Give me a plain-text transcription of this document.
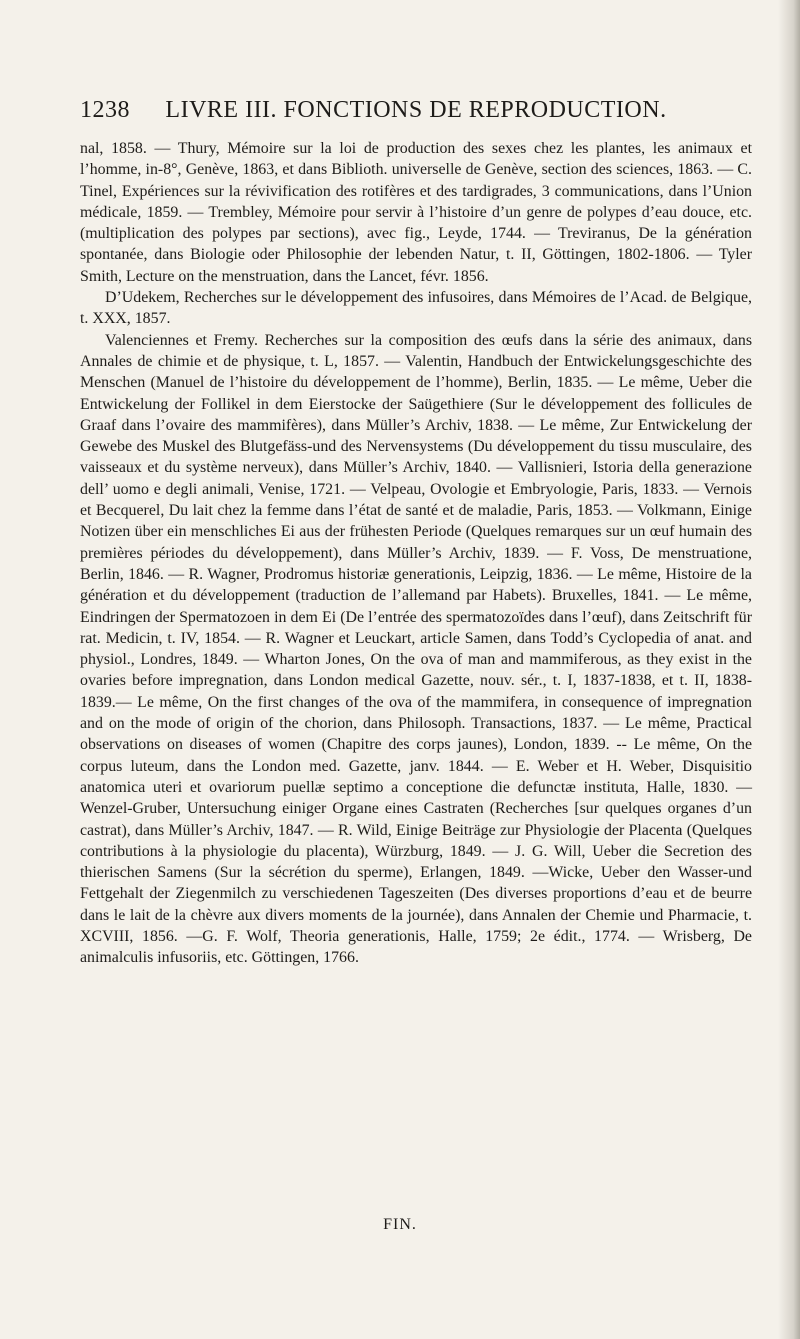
1238	LIVRE III. FONCTIONS DE REPRODUCTION.

nal, 1858. — Thury, Mémoire sur la loi de production des sexes chez les plantes, les animaux et l’homme, in-8°, Genève, 1863, et dans Biblioth. universelle de Genève, section des sciences, 1863. — C. Tinel, Expériences sur la révivification des rotifères et des tardigrades, 3 communications, dans l’Union médicale, 1859. — Trembley, Mémoire pour servir à l’histoire d’un genre de polypes d’eau douce, etc. (multiplication des polypes par sections), avec fig., Leyde, 1744. — Treviranus, De la génération spontanée, dans Biologie oder Philosophie der lebenden Natur, t. II, Göttingen, 1802-1806. — Tyler Smith, Lecture on the menstruation, dans the Lancet, févr. 1856.

D’Udekem, Recherches sur le développement des infusoires, dans Mémoires de l’Acad. de Belgique, t. XXX, 1857.

Valenciennes et Fremy. Recherches sur la composition des œufs dans la série des animaux, dans Annales de chimie et de physique, t. L, 1857. — Valentin, Handbuch der Entwickelungsgeschichte des Menschen (Manuel de l’histoire du développement de l’homme), Berlin, 1835. — Le même, Ueber die Entwickelung der Follikel in dem Eierstocke der Saügethiere (Sur le développement des follicules de Graaf dans l’ovaire des mammifères), dans Müller’s Archiv, 1838. — Le même, Zur Entwickelung der Gewebe des Muskel des Blutgefäss-und des Nervensystems (Du développement du tissu musculaire, des vaisseaux et du système nerveux), dans Müller’s Archiv, 1840. — Vallisnieri, Istoria della generazione dell’ uomo e degli animali, Venise, 1721. — Velpeau, Ovologie et Embryologie, Paris, 1833. — Vernois et Becquerel, Du lait chez la femme dans l’état de santé et de maladie, Paris, 1853. — Volkmann, Einige Notizen über ein menschliches Ei aus der frühesten Periode (Quelques remarques sur un œuf humain des premières périodes du développement), dans Müller’s Archiv, 1839. — F. Voss, De menstruatione, Berlin, 1846. — R. Wagner, Prodromus historiæ generationis, Leipzig, 1836. — Le même, Histoire de la génération et du développement (traduction de l’allemand par Habets). Bruxelles, 1841. — Le même, Eindringen der Spermatozoen in dem Ei (De l’entrée des spermatozoïdes dans l’œuf), dans Zeitschrift für rat. Medicin, t. IV, 1854. — R. Wagner et Leuckart, article Samen, dans Todd’s Cyclopedia of anat. and physiol., Londres, 1849. — Wharton Jones, On the ova of man and mammiferous, as they exist in the ovaries before impregnation, dans London medical Gazette, nouv. sér., t. I, 1837-1838, et t. II, 1838-1839.— Le même, On the first changes of the ova of the mammifera, in consequence of impregnation and on the mode of origin of the chorion, dans Philosoph. Transactions, 1837. — Le même, Practical observations on diseases of women (Chapitre des corps jaunes), London, 1839. -- Le même, On the corpus luteum, dans the London med. Gazette, janv. 1844. — E. Weber et H. Weber, Disquisitio anatomica uteri et ovariorum puellæ septimo a conceptione die defunctæ instituta, Halle, 1830. — Wenzel-Gruber, Untersuchung einiger Organe eines Castraten (Recherches [sur quelques organes d’un castrat), dans Müller’s Archiv, 1847. — R. Wild, Einige Beiträge zur Physiologie der Placenta (Quelques contributions à la physiologie du placenta), Würzburg, 1849. — J. G. Will, Ueber die Secretion des thierischen Samens (Sur la sécrétion du sperme), Erlangen, 1849. —Wicke, Ueber den Wasser-und Fettgehalt der Ziegenmilch zu verschiedenen Tageszeiten (Des diverses proportions d’eau et de beurre dans le lait de la chèvre aux divers moments de la journée), dans Annalen der Chemie und Pharmacie, t. XCVIII, 1856. —G. F. Wolf, Theoria generationis, Halle, 1759; 2e édit., 1774. — Wrisberg, De animalculis infusoriis, etc. Göttingen, 1766.

FIN.
